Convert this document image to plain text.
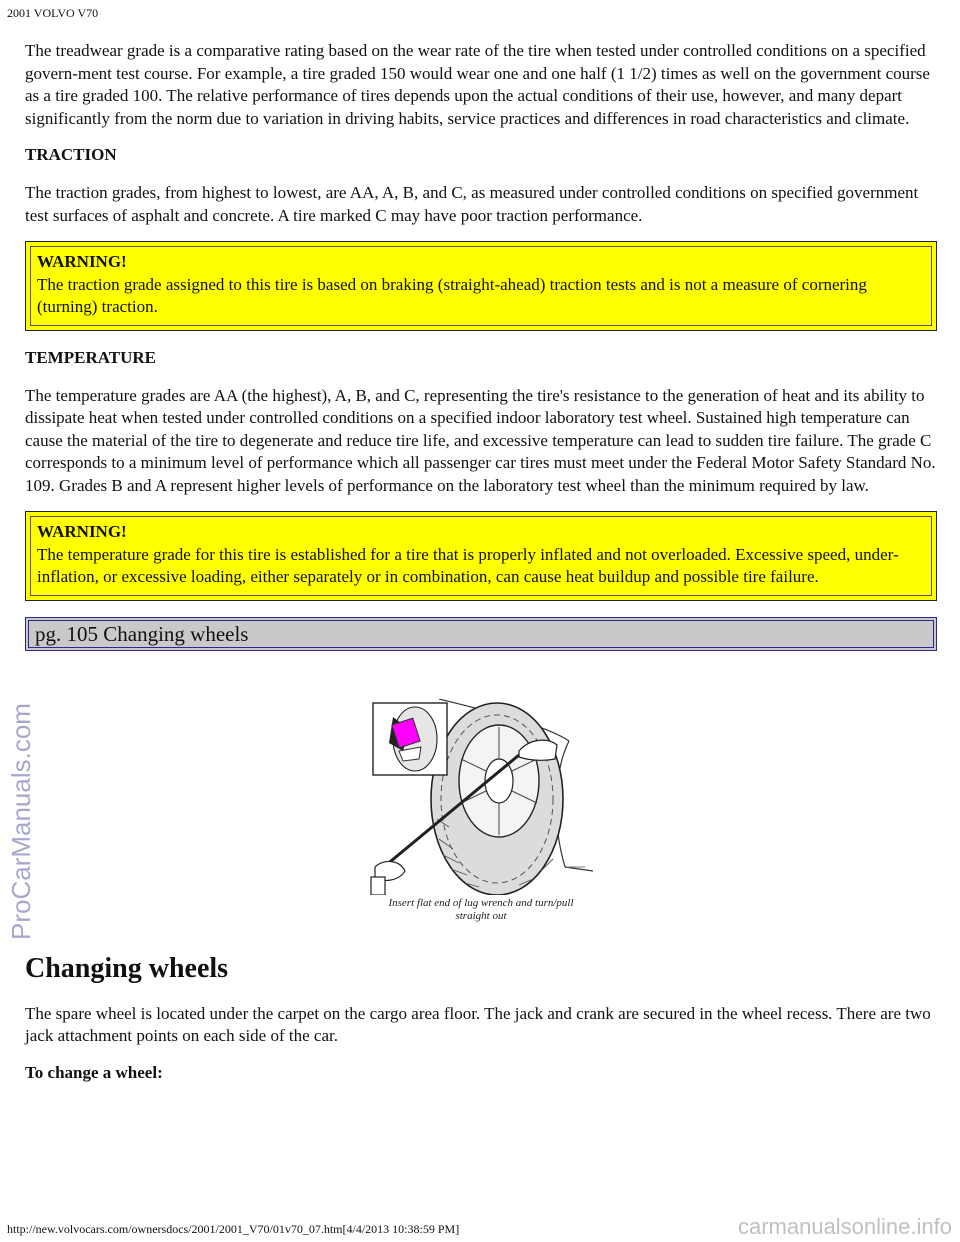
2001 VOLVO V70

The treadwear grade is a comparative rating based on the wear rate of the tire when tested under controlled conditions on a specified govern-ment test course. For example, a tire graded 150 would wear one and one half (1 1/2) times as well on the government course as a tire graded 100. The relative performance of tires depends upon the actual conditions of their use, however, and many depart significantly from the norm due to variation in driving habits, service practices and differences in road characteristics and climate.

TRACTION

The traction grades, from highest to lowest, are AA, A, B, and C, as measured under controlled conditions on specified government test surfaces of asphalt and concrete. A tire marked C may have poor traction performance.

WARNING!
The traction grade assigned to this tire is based on braking (straight-ahead) traction tests and is not a measure of cornering (turning) traction.
TEMPERATURE

The temperature grades are AA (the highest), A, B, and C, representing the tire's resistance to the generation of heat and its ability to dissipate heat when tested under controlled conditions on a specified indoor laboratory test wheel. Sustained high temperature can cause the material of the tire to degenerate and reduce tire life, and excessive temperature can lead to sudden tire failure. The grade C corresponds to a minimum level of performance which all passenger car tires must meet under the Federal Motor Safety Standard No. 109. Grades B and A represent higher levels of performance on the laboratory test wheel than the minimum required by law.

WARNING!
The temperature grade for this tire is established for a tire that is properly inflated and not overloaded. Excessive speed, under-inflation, or excessive loading, either separately or in combination, can cause heat buildup and possible tire failure.
pg. 105 Changing wheels
Insert flat end of lug wrench and turn/pull
straight out
Changing wheels

The spare wheel is located under the carpet on the cargo area floor. The jack and crank are secured in the wheel recess. There are two jack attachment points on each side of the car.

To change a wheel:
http://new.volvocars.com/ownersdocs/2001/2001_V70/01v70_07.htm[4/4/2013 10:38:59 PM]
ProCarManuals.com
carmanualsonline.info
